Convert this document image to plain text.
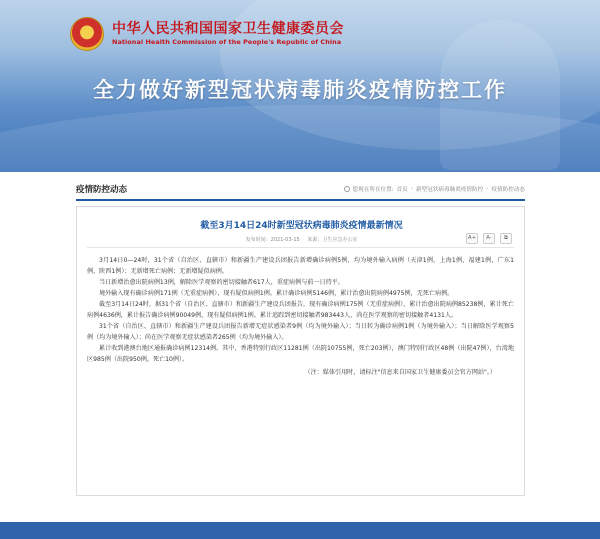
★
中华人民共和国国家卫生健康委员会
National Health Commission of the People's Republic of China
全力做好新型冠状病毒肺炎疫情防控工作
疫情防控动态	您现在所在位置: 首页 › 新型冠状病毒肺炎疫情防控 › 疫情防控动态
截至3月14日24时新型冠状病毒肺炎疫情最新情况
发布时间：2021-03-15 来源：卫生应急办公室	A+	A-	⧉

3月14日0—24时，31个省（自治区、直辖市）和新疆生产建设兵团报告新增确诊病例5例，均为境外输入病例（天津1例，上海1例，福建1例，广东1例，陕西1例）；无新增死亡病例；无新增疑似病例。

当日新增治愈出院病例13例，解除医学观察的密切接触者617人，重症病例与前一日持平。

境外输入现有确诊病例171例（无重症病例），现有疑似病例1例。累计确诊病例5146例，累计治愈出院病例4975例，无死亡病例。

截至3月14日24时，据31个省（自治区、直辖市）和新疆生产建设兵团报告，现有确诊病例175例（无重症病例），累计治愈出院病例85238例，累计死亡病例4636例，累计报告确诊病例90049例，现有疑似病例1例。累计追踪到密切接触者983443人，尚在医学观察的密切接触者4131人。

31个省（自治区、直辖市）和新疆生产建设兵团报告新增无症状感染者9例（均为境外输入）；当日转为确诊病例1例（为境外输入）；当日解除医学观察5例（均为境外输入）；尚在医学观察无症状感染者265例（均为境外输入）。

累计收到港澳台地区通报确诊病例12314例。其中，香港特别行政区11281例（出院10755例，死亡203例），澳门特别行政区48例（出院47例），台湾地区985例（出院950例，死亡10例）。

（注：媒体引用时，请标注"信息来自国家卫生健康委员会官方网站"。）
